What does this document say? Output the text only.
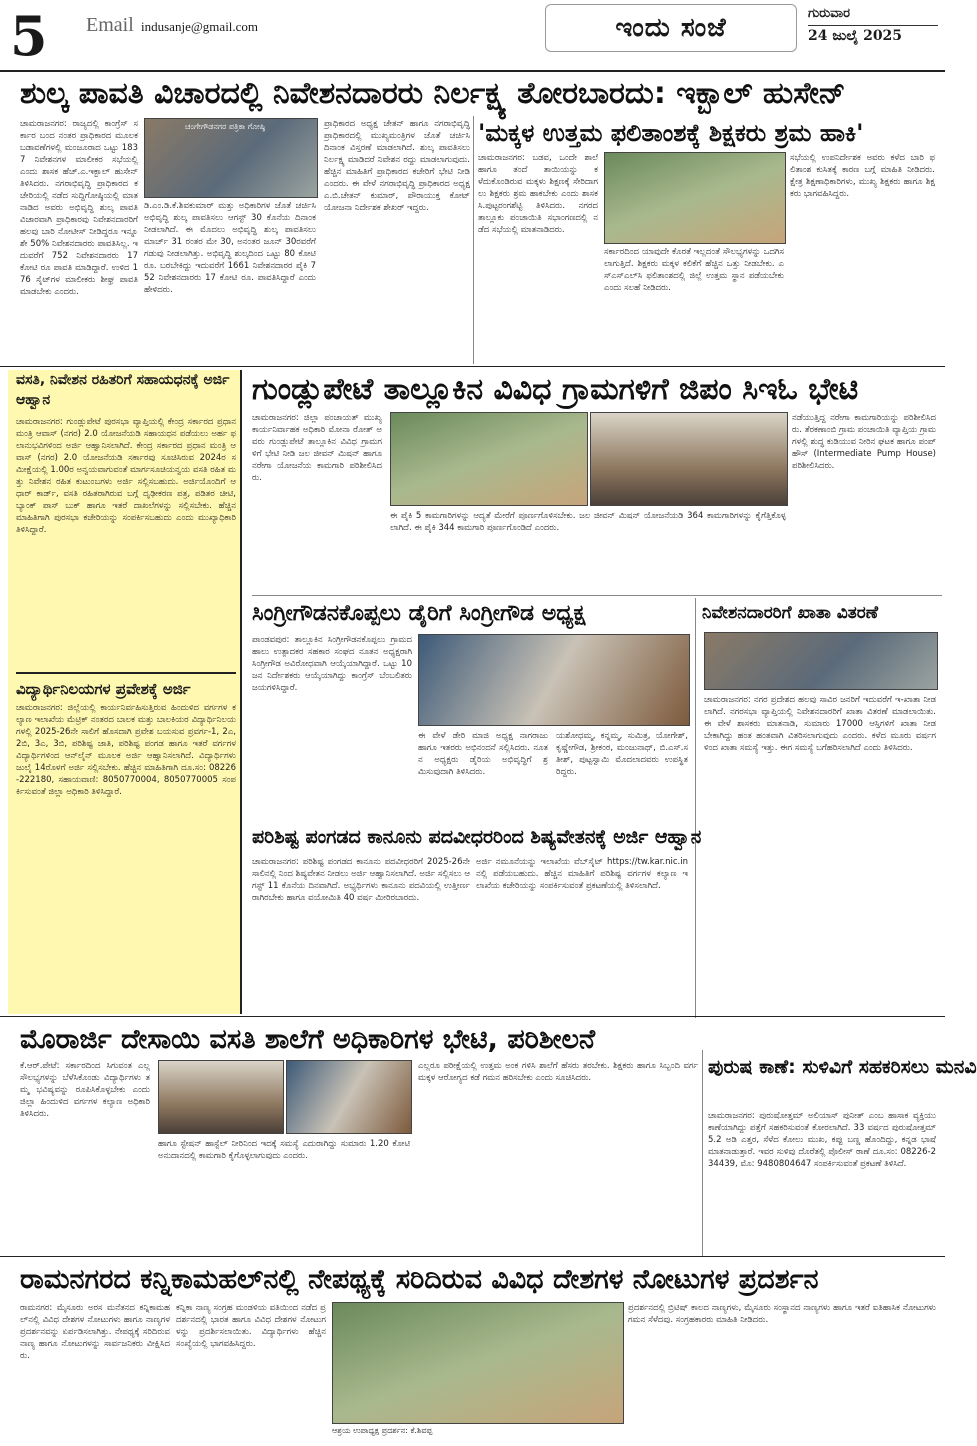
5 Email indusanje@gmail.com	ಇಂದು ಸಂಜೆ	ಗುರುವಾರ
24 ಜುಲೈ 2025
ಶುಲ್ಕ ಪಾವತಿ ವಿಚಾರದಲ್ಲಿ ನಿವೇಶನದಾರರು ನಿರ್ಲಕ್ಷ್ಯ ತೋರಬಾರದು: ಇಕ್ಬಾಲ್ ಹುಸೇನ್
ಚಾಮರಾಜನಗರ: ರಾಜ್ಯದಲ್ಲಿ ಕಾಂಗ್ರೆಸ್ ಸರ್ಕಾರ ಬಂದ ನಂತರ ಪ್ರಾಧಿಕಾರದ ಮೂಲಕ ಬಡಾವಣೆಗಳಲ್ಲಿ ಮಂಜೂರಾದ ಒಟ್ಟು 1837 ನಿವೇಶನಗಳ ಮಾಲೀಕರ ಸಭೆಯಲ್ಲಿ ಎಂದು ಶಾಸಕ ಹೆಚ್.ಎ.ಇಕ್ಬಾಲ್ ಹುಸೇನ್ ತಿಳಿಸಿದರು. ನಗರಾಭಿವೃದ್ಧಿ ಪ್ರಾಧಿಕಾರದ ಕಚೇರಿಯಲ್ಲಿ ನಡೆದ ಸುದ್ದಿಗೋಷ್ಠಿಯಲ್ಲಿ ಮಾತನಾಡಿದ ಅವರು ಅಭಿವೃದ್ಧಿ ಶುಲ್ಕ ಪಾವತಿ ವಿಚಾರವಾಗಿ ಪ್ರಾಧಿಕಾರವು ನಿವೇಶನದಾರರಿಗೆ ಹಲವು ಬಾರಿ ನೋಟೀಸ್ ನೀಡಿದ್ದರೂ ಇನ್ನೂ ಶೇ 50% ನಿವೇಶನದಾರರು ಪಾವತಿಸಿಲ್ಲ. ಇದುವರೆಗೆ 752 ನಿವೇಶನದಾರರು 17 ಕೋಟಿ ರೂ ಪಾವತಿ ಮಾಡಿದ್ದಾರೆ. ಉಳಿದ 176 ಸೈಟ್‌ಗಳ ಮಾಲೀಕರು ಶೀಘ್ರ ಪಾವತಿ ಮಾಡಬೇಕು ಎಂದರು.
ಚಂಗೇಗೌಡನಗರ ಪತ್ರಿಕಾ ಗೋಷ್ಠಿ
ಡಿ.ಎಂ.ಡಿ.ಕೆ.ಶಿವಕುಮಾರ್ ಮತ್ತು ಅಧಿಕಾರಿಗಳ ಜೊತೆ ಚರ್ಚಿಸಿ ಅಭಿವೃದ್ಧಿ ಶುಲ್ಕ ಪಾವತಿಸಲು ಆಗಸ್ಟ್ 30 ಕೊನೆಯ ದಿನಾಂಕ ನೀಡಲಾಗಿದೆ. ಈ ಮೊದಲು ಅಭಿವೃದ್ಧಿ ಶುಲ್ಕ ಪಾವತಿಸಲು ಮಾರ್ಚ್ 31 ರಂತರ ಮೇ 30, ಅನಂತರ ಜೂನ್ 30ರವರೆಗೆ ಗಡುವು ನೀಡಲಾಗಿತ್ತು. ಅಭಿವೃದ್ಧಿ ಶುಲ್ಕದಿಂದ ಒಟ್ಟು 80 ಕೋಟಿ ರೂ. ಬರಬೇಕಿದ್ದು ಇದುವರೆಗೆ 1661 ನಿವೇಶನದಾರರ ಪೈಕಿ 752 ನಿವೇಶನದಾರರು 17 ಕೋಟಿ ರೂ. ಪಾವತಿಸಿದ್ದಾರೆ ಎಂದು ಹೇಳಿದರು.
ಪ್ರಾಧಿಕಾರದ ಅಧ್ಯಕ್ಷ ಚೇತನ್ ಹಾಗೂ ನಗರಾಭಿವೃದ್ಧಿ ಪ್ರಾಧಿಕಾರದಲ್ಲಿ ಮುಖ್ಯಮಂತ್ರಿಗಳ ಜೊತೆ ಚರ್ಚಿಸಿ ದಿನಾಂಕ ವಿಸ್ತರಣೆ ಮಾಡಲಾಗಿದೆ. ಶುಲ್ಕ ಪಾವತಿಸಲು ನಿರ್ಲಕ್ಷ್ಯ ಮಾಡಿದರೆ ನಿವೇಶನ ರದ್ದು ಮಾಡಲಾಗುವುದು. ಹೆಚ್ಚಿನ ಮಾಹಿತಿಗೆ ಪ್ರಾಧಿಕಾರದ ಕಚೇರಿಗೆ ಭೇಟಿ ನೀಡಿ ಎಂದರು. ಈ ವೇಳೆ ನಗರಾಭಿವೃದ್ಧಿ ಪ್ರಾಧಿಕಾರದ ಅಧ್ಯಕ್ಷ ಎ.ಬಿ.ಚೇತನ್ ಕುಮಾರ್, ಪೌರಾಯುಕ್ತ ಕೋಟ್ ಯೋಜನಾ ನಿರ್ದೇಶಕ ಶೇಖರ್ ಇದ್ದರು.
'ಮಕ್ಕಳ ಉತ್ತಮ ಫಲಿತಾಂಶಕ್ಕೆ ಶಿಕ್ಷಕರು ಶ್ರಮ ಹಾಕಿ'
ಚಾಮರಾಜನಗರ: ಬಡವ, ಒಂದೇ ಶಾಲೆ ಹಾಗೂ ತಂದೆ ತಾಯಿಯನ್ನು ಕಳೆದುಕೊಂಡಿರುವ ಮಕ್ಕಳು ಶಿಕ್ಷಣಕ್ಕೆ ಸೇರಿದಾಗಲು ಶಿಕ್ಷಕರು ಶ್ರಮ ಹಾಕಬೇಕು ಎಂದು ಶಾಸಕ ಸಿ.ಪುಟ್ಟರಂಗಶೆಟ್ಟಿ ತಿಳಿಸಿದರು. ನಗರದ ತಾಲ್ಲೂಕು ಪಂಚಾಯಿತಿ ಸಭಾಂಗಣದಲ್ಲಿ ನಡೆದ ಸಭೆಯಲ್ಲಿ ಮಾತನಾಡಿದರು.
ಸರ್ಕಾರದಿಂದ ಯಾವುದೇ ಕೊರತೆ ಇಲ್ಲದಂತೆ ಸೌಲಭ್ಯಗಳನ್ನು ಒದಗಿಸಲಾಗುತ್ತಿದೆ. ಶಿಕ್ಷಕರು ಮಕ್ಕಳ ಕಲಿಕೆಗೆ ಹೆಚ್ಚಿನ ಒತ್ತು ನೀಡಬೇಕು. ಎಸ್ಎಸ್ಎಲ್‌ಸಿ ಫಲಿತಾಂಶದಲ್ಲಿ ಜಿಲ್ಲೆ ಉತ್ತಮ ಸ್ಥಾನ ಪಡೆಯಬೇಕು ಎಂದು ಸಲಹೆ ನೀಡಿದರು.
ಸಭೆಯಲ್ಲಿ ಉಪನಿರ್ದೇಶಕ ಅವರು ಕಳೆದ ಬಾರಿ ಫಲಿತಾಂಶ ಕುಸಿತಕ್ಕೆ ಕಾರಣ ಬಗ್ಗೆ ಮಾಹಿತಿ ನೀಡಿದರು. ಕ್ಷೇತ್ರ ಶಿಕ್ಷಣಾಧಿಕಾರಿಗಳು, ಮುಖ್ಯ ಶಿಕ್ಷಕರು ಹಾಗೂ ಶಿಕ್ಷಕರು ಭಾಗವಹಿಸಿದ್ದರು.
ವಸತಿ, ನಿವೇಶನ ರಹಿತರಿಗೆ ಸಹಾಯಧನಕ್ಕೆ ಅರ್ಜಿ ಆಹ್ವಾನ
ಚಾಮರಾಜನಗರ: ಗುಂಡ್ಲುಪೇಟೆ ಪುರಸಭಾ ವ್ಯಾಪ್ತಿಯಲ್ಲಿ ಕೇಂದ್ರ ಸರ್ಕಾರದ ಪ್ರಧಾನ ಮಂತ್ರಿ ಆವಾಸ್ (ನಗರ) 2.0 ಯೋಜನೆಯಡಿ ಸಹಾಯಧನ ಪಡೆಯಲು ಅರ್ಹ ಫಲಾನುಭವಿಗಳಿಂದ ಅರ್ಜಿ ಆಹ್ವಾನಿಸಲಾಗಿದೆ. ಕೇಂದ್ರ ಸರ್ಕಾರದ ಪ್ರಧಾನ ಮಂತ್ರಿ ಆವಾಸ್ (ನಗರ) 2.0 ಯೋಜನೆಯಡಿ ಸರ್ಕಾರವು ಸೂಚಿಸಿರುವ 2024ರ ಸಮೀಕ್ಷೆಯಲ್ಲಿ 1.00ರ ಅನ್ವಯವಾಗುವಂತೆ ಮಾರ್ಗಸೂಚಿಯನ್ವಯ ವಸತಿ ರಹಿತ ಮತ್ತು ನಿವೇಶನ ರಹಿತ ಕುಟುಂಬಗಳು ಅರ್ಜಿ ಸಲ್ಲಿಸಬಹುದು. ಅರ್ಜಿಯೊಂದಿಗೆ ಆಧಾರ್ ಕಾರ್ಡ್, ವಸತಿ ರಹಿತರಾಗಿರುವ ಬಗ್ಗೆ ದೃಢೀಕರಣ ಪತ್ರ, ಪಡಿತರ ಚೀಟಿ, ಬ್ಯಾಂಕ್ ಪಾಸ್ ಬುಕ್ ಹಾಗೂ ಇತರೆ ದಾಖಲೆಗಳನ್ನು ಸಲ್ಲಿಸಬೇಕು. ಹೆಚ್ಚಿನ ಮಾಹಿತಿಗಾಗಿ ಪುರಸಭಾ ಕಚೇರಿಯನ್ನು ಸಂಪರ್ಕಿಸಬಹುದು ಎಂದು ಮುಖ್ಯಾಧಿಕಾರಿ ತಿಳಿಸಿದ್ದಾರೆ.
ವಿದ್ಯಾರ್ಥಿನಿಲಯಗಳ ಪ್ರವೇಶಕ್ಕೆ ಅರ್ಜಿ
ಚಾಮರಾಜನಗರ: ಜಿಲ್ಲೆಯಲ್ಲಿ ಕಾರ್ಯನಿರ್ವಹಿಸುತ್ತಿರುವ ಹಿಂದುಳಿದ ವರ್ಗಗಳ ಕಲ್ಯಾಣ ಇಲಾಖೆಯ ಮೆಟ್ರಿಕ್ ನಂತರದ ಬಾಲಕ ಮತ್ತು ಬಾಲಕಿಯರ ವಿದ್ಯಾರ್ಥಿನಿಲಯಗಳಲ್ಲಿ 2025-26ನೇ ಸಾಲಿಗೆ ಹೊಸದಾಗಿ ಪ್ರವೇಶ ಬಯಸುವ ಪ್ರವರ್ಗ-1, 2ಎ, 2ಬಿ, 3ಎ, 3ಬಿ, ಪರಿಶಿಷ್ಟ ಜಾತಿ, ಪರಿಶಿಷ್ಟ ಪಂಗಡ ಹಾಗೂ ಇತರೆ ವರ್ಗಗಳ ವಿದ್ಯಾರ್ಥಿಗಳಿಂದ ಆನ್‌ಲೈನ್ ಮೂಲಕ ಅರ್ಜಿ ಆಹ್ವಾನಿಸಲಾಗಿದೆ. ವಿದ್ಯಾರ್ಥಿಗಳು ಜುಲೈ 14ರೊಳಗೆ ಅರ್ಜಿ ಸಲ್ಲಿಸಬೇಕು. ಹೆಚ್ಚಿನ ಮಾಹಿತಿಗಾಗಿ ದೂ.ಸಂ: 08226-222180, ಸಹಾಯವಾಣಿ: 8050770004, 8050770005 ಸಂಪರ್ಕಿಸುವಂತೆ ಜಿಲ್ಲಾ ಅಧಿಕಾರಿ ತಿಳಿಸಿದ್ದಾರೆ.
ಗುಂಡ್ಲುಪೇಟೆ ತಾಲ್ಲೂಕಿನ ವಿವಿಧ ಗ್ರಾಮಗಳಿಗೆ ಜಿಪಂ ಸಿಇಓ ಭೇಟಿ
ಚಾಮರಾಜನಗರ: ಜಿಲ್ಲಾ ಪಂಚಾಯತ್ ಮುಖ್ಯ ಕಾರ್ಯನಿರ್ವಾಹಕ ಅಧಿಕಾರಿ ಮೋನಾ ರೋತ್ ಅವರು ಗುಂಡ್ಲುಪೇಟೆ ತಾಲ್ಲೂಕಿನ ವಿವಿಧ ಗ್ರಾಮಗಳಿಗೆ ಭೇಟಿ ನೀಡಿ ಜಲ ಜೀವನ್ ಮಿಷನ್ ಹಾಗೂ ನರೇಗಾ ಯೋಜನೆಯ ಕಾಮಗಾರಿ ಪರಿಶೀಲಿಸಿದರು.
ಈ ಪೈಕಿ 5 ಕಾಮಗಾರಿಗಳನ್ನು ಆದ್ಯತೆ ಮೇರೆಗೆ ಪೂರ್ಣಗೊಳಿಸಬೇಕು. ಜಲ ಜೀವನ್ ಮಿಷನ್ ಯೋಜನೆಯಡಿ 364 ಕಾಮಗಾರಿಗಳನ್ನು ಕೈಗೆತ್ತಿಕೊಳ್ಳಲಾಗಿದೆ. ಈ ಪೈಕಿ 344 ಕಾಮಗಾರಿ ಪೂರ್ಣಗೊಂಡಿದೆ ಎಂದರು.
ನಡೆಯುತ್ತಿದ್ದ ನರೇಗಾ ಕಾಮಗಾರಿಯನ್ನು ಪರಿಶೀಲಿಸಿದರು. ತೆರಕಣಾಂಬಿ ಗ್ರಾಮ ಪಂಚಾಯಿತಿ ವ್ಯಾಪ್ತಿಯ ಗ್ರಾಮಗಳಲ್ಲಿ ಶುದ್ಧ ಕುಡಿಯುವ ನೀರಿನ ಘಟಕ ಹಾಗೂ ಪಂಪ್ ಹೌಸ್ (Intermediate Pump House) ಪರಿಶೀಲಿಸಿದರು.
ಸಿಂಗ್ರೀಗೌಡನಕೊಪ್ಪಲು ಡೈರಿಗೆ ಸಿಂಗ್ರೀಗೌಡ ಅಧ್ಯಕ್ಷ
ಪಾಂಡವಪುರ: ತಾಲ್ಲೂಕಿನ ಸಿಂಗ್ರೀಗೌಡನಕೊಪ್ಪಲು ಗ್ರಾಮದ ಹಾಲು ಉತ್ಪಾದಕರ ಸಹಕಾರ ಸಂಘದ ನೂತನ ಅಧ್ಯಕ್ಷರಾಗಿ ಸಿಂಗ್ರೀಗೌಡ ಅವಿರೋಧವಾಗಿ ಆಯ್ಕೆಯಾಗಿದ್ದಾರೆ. ಒಟ್ಟು 10 ಜನ ನಿರ್ದೇಶಕರು ಆಯ್ಕೆಯಾಗಿದ್ದು ಕಾಂಗ್ರೆಸ್ ಬೆಂಬಲಿತರು ಜಯಗಳಿಸಿದ್ದಾರೆ.
ಈ ವೇಳೆ ಡೇರಿ ಮಾಜಿ ಅಧ್ಯಕ್ಷ ನಾಗರಾಜು ಹಾಗೂ ಇತರರು ಅಭಿನಂದನೆ ಸಲ್ಲಿಸಿದರು. ನೂತನ ಅಧ್ಯಕ್ಷರು ಡೈರಿಯ ಅಭಿವೃದ್ಧಿಗೆ ಶ್ರಮಿಸುವುದಾಗಿ ತಿಳಿಸಿದರು.
ಯಶೋಧಮ್ಮ, ಕನ್ನಮ್ಮ, ಸುಮಿತ್ರ, ಯೋಗೇಶ್, ಕೃಷ್ಣೇಗೌಡ, ಶ್ರೀಕಂಠ, ಮಂಜುನಾಥ್, ಬಿ.ಎಸ್.ಸತೀಶ್, ಪುಟ್ಟಸ್ವಾಮಿ ಮೊದಲಾದವರು ಉಪಸ್ಥಿತರಿದ್ದರು.
ನಿವೇಶನದಾರರಿಗೆ ಖಾತಾ ವಿತರಣೆ
ಚಾಮರಾಜನಗರ: ನಗರ ಪ್ರದೇಶದ ಹಲವು ಸಾವಿರ ಜನರಿಗೆ ಇದುವರೆಗೆ ಇ-ಖಾತಾ ನೀಡಲಾಗಿದೆ. ನಗರಸಭಾ ವ್ಯಾಪ್ತಿಯಲ್ಲಿ ನಿವೇಶನದಾರರಿಗೆ ಖಾತಾ ವಿತರಣೆ ಮಾಡಲಾಯಿತು. ಈ ವೇಳೆ ಶಾಸಕರು ಮಾತನಾಡಿ, ಸುಮಾರು 17000 ಆಸ್ತಿಗಳಿಗೆ ಖಾತಾ ನೀಡಬೇಕಾಗಿದ್ದು ಹಂತ ಹಂತವಾಗಿ ವಿತರಿಸಲಾಗುವುದು ಎಂದರು. ಕಳೆದ ಮೂರು ವರ್ಷಗಳಿಂದ ಖಾತಾ ಸಮಸ್ಯೆ ಇತ್ತು. ಈಗ ಸಮಸ್ಯೆ ಬಗೆಹರಿಸಲಾಗಿದೆ ಎಂದು ತಿಳಿಸಿದರು.
ಪರಿಶಿಷ್ಟ ಪಂಗಡದ ಕಾನೂನು ಪದವೀಧರರಿಂದ ಶಿಷ್ಯವೇತನಕ್ಕೆ ಅರ್ಜಿ ಆಹ್ವಾನ
ಚಾಮರಾಜನಗರ: ಪರಿಶಿಷ್ಟ ಪಂಗಡದ ಕಾನೂನು ಪದವೀಧರರಿಗೆ 2025-26ನೇ ಸಾಲಿನಲ್ಲಿ ನಿಂದ ಶಿಷ್ಯವೇತನ ನೀಡಲು ಅರ್ಜಿ ಆಹ್ವಾನಿಸಲಾಗಿದೆ. ಅರ್ಜಿ ಸಲ್ಲಿಸಲು ಆಗಸ್ಟ್ 11 ಕೊನೆಯ ದಿನವಾಗಿದೆ. ಅಭ್ಯರ್ಥಿಗಳು ಕಾನೂನು ಪದವಿಯಲ್ಲಿ ಉತ್ತೀರ್ಣರಾಗಿರಬೇಕು ಹಾಗೂ ವಯೋಮಿತಿ 40 ವರ್ಷ ಮೀರಿರಬಾರದು.
ಅರ್ಜಿ ನಮೂನೆಯನ್ನು ಇಲಾಖೆಯ ವೆಬ್‌ಸೈಟ್ https://tw.kar.nic.in ನಲ್ಲಿ ಪಡೆಯಬಹುದು. ಹೆಚ್ಚಿನ ಮಾಹಿತಿಗೆ ಪರಿಶಿಷ್ಟ ವರ್ಗಗಳ ಕಲ್ಯಾಣ ಇಲಾಖೆಯ ಕಚೇರಿಯನ್ನು ಸಂಪರ್ಕಿಸುವಂತೆ ಪ್ರಕಟಣೆಯಲ್ಲಿ ತಿಳಿಸಲಾಗಿದೆ.
ಮೊರಾರ್ಜಿ ದೇಸಾಯಿ ವಸತಿ ಶಾಲೆಗೆ ಅಧಿಕಾರಿಗಳ ಭೇಟಿ, ಪರಿಶೀಲನೆ
ಕೆ.ಆರ್.ಪೇಟೆ: ಸರ್ಕಾರದಿಂದ ಸಿಗುವಂತ ಎಲ್ಲ ಸೌಲಭ್ಯಗಳನ್ನು ಬೆಳೆಸಿಕೊಂಡು ವಿದ್ಯಾರ್ಥಿಗಳು ತಮ್ಮ ಭವಿಷ್ಯವನ್ನು ರೂಪಿಸಿಕೊಳ್ಳಬೇಕು ಎಂದು ಜಿಲ್ಲಾ ಹಿಂದುಳಿದ ವರ್ಗಗಳ ಕಲ್ಯಾಣ ಅಧಿಕಾರಿ ತಿಳಿಸಿದರು.
ಹಾಗೂ ಸ್ಟೇಷನ್ ಹಾಸ್ಟೆಲ್ ನೀರಿನಿಂದ ಇದಕ್ಕೆ ಸಮಸ್ಯೆ ಎದುರಾಗಿದ್ದು ಸುಮಾರು 1.20 ಕೋಟಿ ಅನುದಾನದಲ್ಲಿ ಕಾಮಗಾರಿ ಕೈಗೊಳ್ಳಲಾಗುವುದು ಎಂದರು.
ಎಲ್ಲರೂ ಪರೀಕ್ಷೆಯಲ್ಲಿ ಉತ್ತಮ ಅಂಕ ಗಳಿಸಿ ಶಾಲೆಗೆ ಹೆಸರು ತರಬೇಕು. ಶಿಕ್ಷಕರು ಹಾಗೂ ಸಿಬ್ಬಂದಿ ವರ್ಗ ಮಕ್ಕಳ ಆರೋಗ್ಯದ ಕಡೆ ಗಮನ ಹರಿಸಬೇಕು ಎಂದು ಸೂಚಿಸಿದರು.	ಪುರುಷ ಕಾಣೆ: ಸುಳಿವಿಗೆ ಸಹಕರಿಸಲು ಮನವಿ
ಚಾಮರಾಜನಗರ: ಪುರುಷೋತ್ತಮ್ ಅಲಿಯಾಸ್ ಪುನೀತ್ ಎಂಬ ಹಾಸಾಕ ವ್ಯಕ್ತಿಯು ಕಾಣೆಯಾಗಿದ್ದು ಪತ್ತೆಗೆ ಸಹಕರಿಸುವಂತೆ ಕೋರಲಾಗಿದೆ. 33 ವರ್ಷದ ಪುರುಷೋತ್ತಮ್ 5.2 ಅಡಿ ಎತ್ತರ, ಸೆಳೆದ ಕೋಲು ಮುಖ, ಕಪ್ಪು ಬಣ್ಣ ಹೊಂದಿದ್ದು, ಕನ್ನಡ ಭಾಷೆ ಮಾತನಾಡುತ್ತಾರೆ. ಇವರ ಸುಳಿವು ದೊರೆತಲ್ಲಿ ಪೊಲೀಸ್ ಠಾಣೆ ದೂ.ಸಂ: 08226-234439, ಮೊ: 9480804647 ಸಂಪರ್ಕಿಸುವಂತೆ ಪ್ರಕಟಣೆ ತಿಳಿಸಿದೆ.
ರಾಮನಗರದ ಕನ್ನಿಕಾಮಹಲ್‌ನಲ್ಲಿ ನೇಪಥ್ಯಕ್ಕೆ ಸರಿದಿರುವ ವಿವಿಧ ದೇಶಗಳ ನೋಟುಗಳ ಪ್ರದರ್ಶನ
ರಾಮನಗರ: ಮೈಸೂರು ಅರಸ ಮನೆತನದ ಕನ್ನಿಕಾಮಹಲ್‌ನಲ್ಲಿ ವಿವಿಧ ದೇಶಗಳ ನೋಟುಗಳು ಹಾಗೂ ನಾಣ್ಯಗಳ ಪ್ರದರ್ಶನವನ್ನು ಏರ್ಪಡಿಸಲಾಗಿತ್ತು. ನೇಪಥ್ಯಕ್ಕೆ ಸರಿದಿರುವ ನಾಣ್ಯ ಹಾಗೂ ನೋಟುಗಳನ್ನು ಸಾರ್ವಜನಿಕರು ವೀಕ್ಷಿಸಿದರು.
ಕನ್ನಿಕಾ ನಾಣ್ಯ ಸಂಗ್ರಹ ಮಂಡಳಿಯ ವತಿಯಿಂದ ನಡೆದ ಪ್ರದರ್ಶನದಲ್ಲಿ ಭಾರತ ಹಾಗೂ ವಿವಿಧ ದೇಶಗಳ ನೋಟುಗಳನ್ನು ಪ್ರದರ್ಶಿಸಲಾಯಿತು. ವಿದ್ಯಾರ್ಥಿಗಳು ಹೆಚ್ಚಿನ ಸಂಖ್ಯೆಯಲ್ಲಿ ಭಾಗವಹಿಸಿದ್ದರು.
ಆಶ್ರಯ ಉಪಾಧ್ಯಕ್ಷ ಪ್ರದರ್ಶನ: ಕೆ.ಶಿವಪ್ಪ
ಪ್ರದರ್ಶನದಲ್ಲಿ ಬ್ರಿಟಿಷ್ ಕಾಲದ ನಾಣ್ಯಗಳು, ಮೈಸೂರು ಸಂಸ್ಥಾನದ ನಾಣ್ಯಗಳು ಹಾಗೂ ಇತರೆ ಐತಿಹಾಸಿಕ ನೋಟುಗಳು ಗಮನ ಸೆಳೆದವು. ಸಂಗ್ರಹಕಾರರು ಮಾಹಿತಿ ನೀಡಿದರು.
